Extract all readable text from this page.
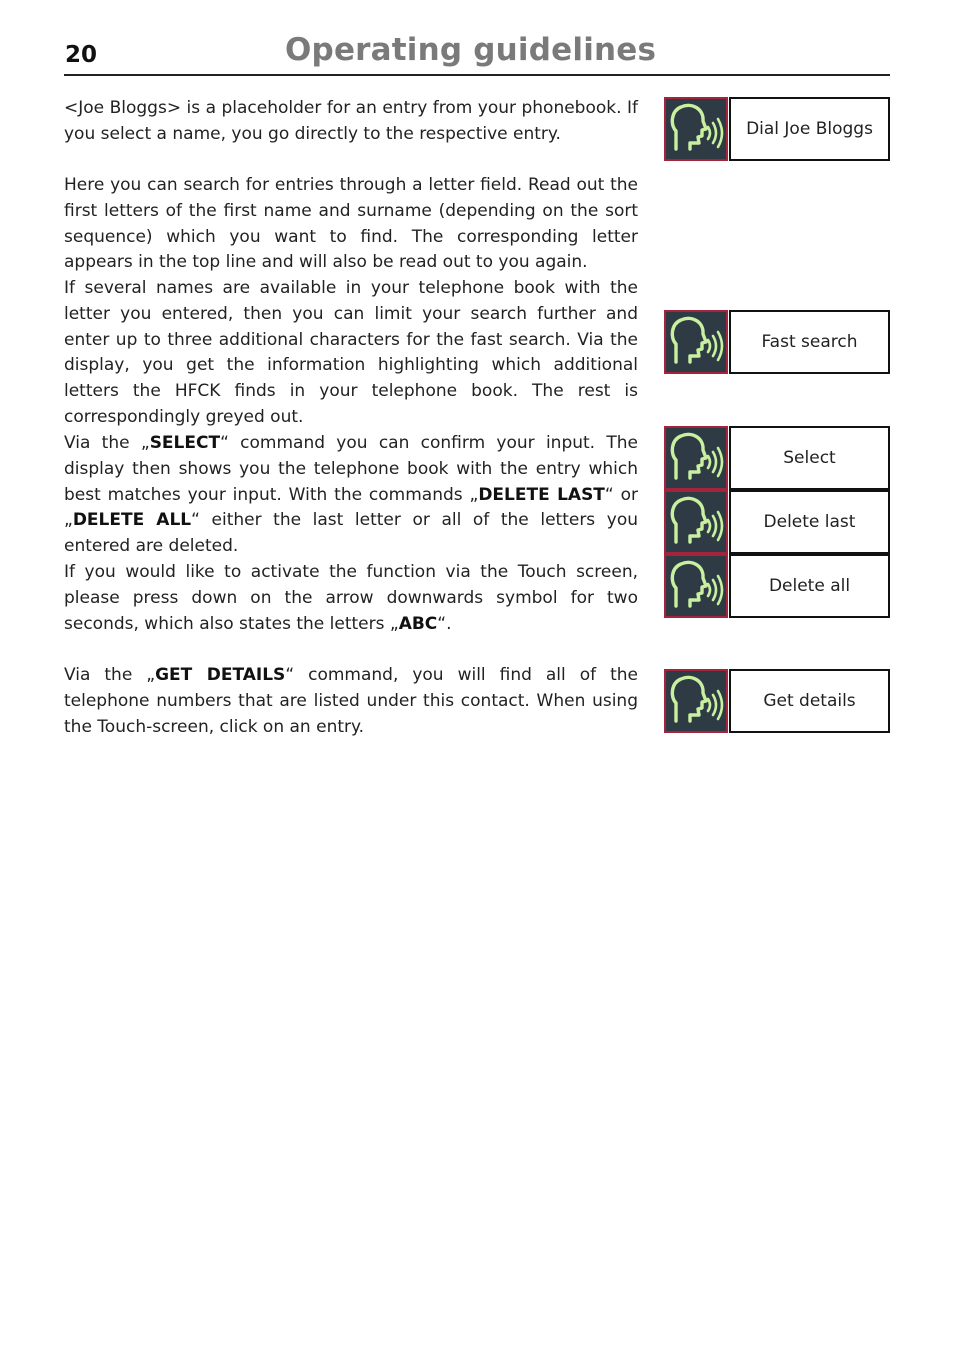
20	Operating guidelines

<Joe Bloggs> is a placeholder for an entry from your phonebook. If you select a name, you go directly to the respective entry.

Here you can search for entries through a letter field. Read out the first letters of the first name and surname (depending on the sort sequence) which you want to find. The corresponding letter appears in the top line and will also be read out to you again.

If several names are available in your telephone book with the letter you entered, then you can limit your search further and enter up to three additional characters for the fast search. Via the display, you get the information highlighting which additional letters the HFCK finds in your telephone book. The rest is correspondingly greyed out.

Via the „SELECT“ command you can confirm your input. The display then shows you the telephone book with the entry which best matches your input. With the commands „DELETE LAST“ or „DELETE ALL“ either the last letter or all of the letters you entered are deleted.

If you would like to activate the function via the Touch screen, please press down on the arrow downwards symbol for two seconds, which also states the letters „ABC“.

Via the „GET DETAILS“ command, you will find all of the telephone numbers that are listed under this contact. When using the Touch-screen, click on an entry.

Dial Joe Bloggs
Fast search
Select
Delete last
Delete all
Get details
